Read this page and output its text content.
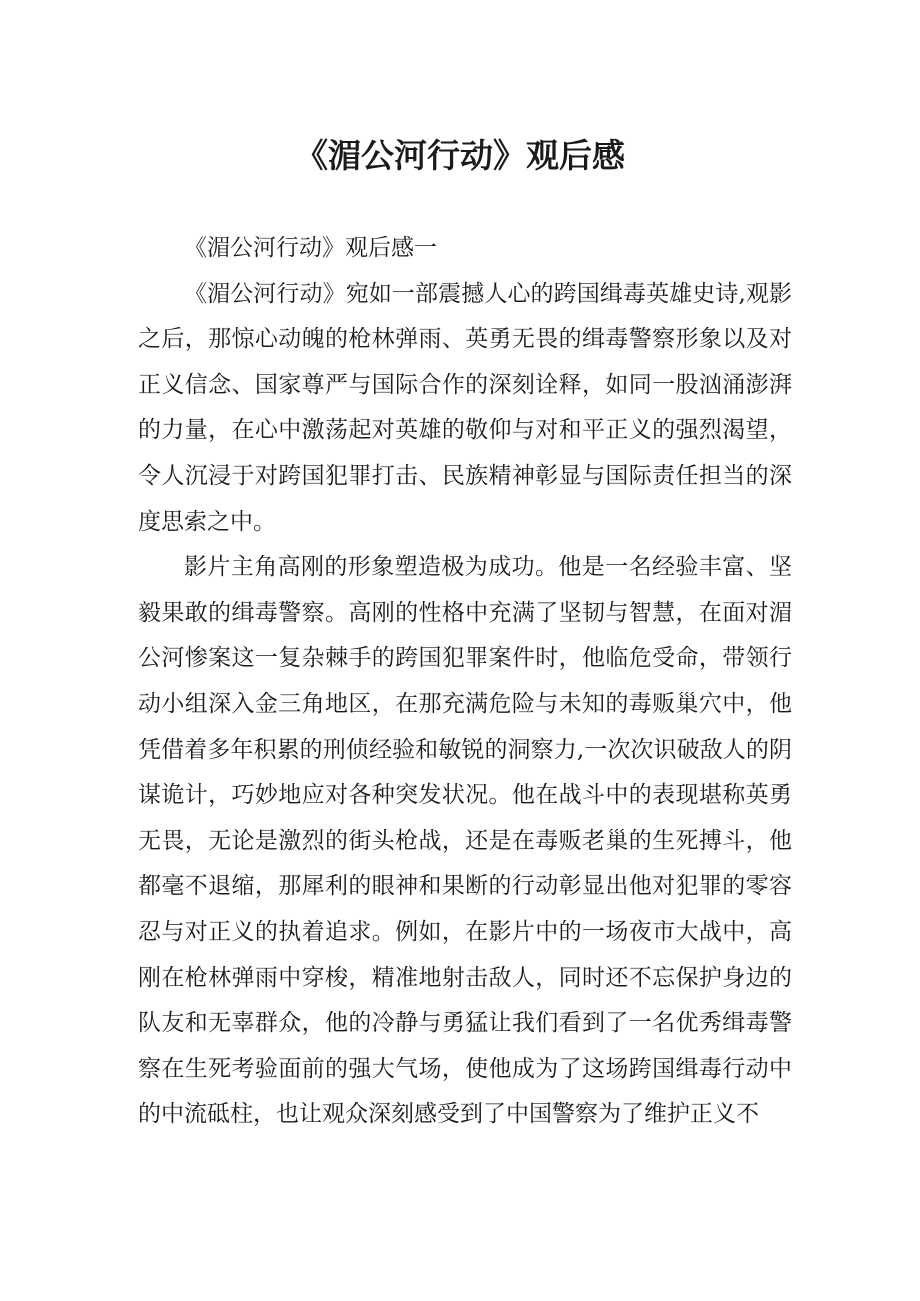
《湄公河行动》观后感

《湄公河行动》观后感一

《湄公河行动》宛如一部震撼人心的跨国缉毒英雄史诗,观影之后，那惊心动魄的枪林弹雨、英勇无畏的缉毒警察形象以及对正义信念、国家尊严与国际合作的深刻诠释，如同一股汹涌澎湃的力量，在心中激荡起对英雄的敬仰与对和平正义的强烈渴望，令人沉浸于对跨国犯罪打击、民族精神彰显与国际责任担当的深度思索之中。

影片主角高刚的形象塑造极为成功。他是一名经验丰富、坚毅果敢的缉毒警察。高刚的性格中充满了坚韧与智慧，在面对湄公河惨案这一复杂棘手的跨国犯罪案件时，他临危受命，带领行动小组深入金三角地区，在那充满危险与未知的毒贩巢穴中，他凭借着多年积累的刑侦经验和敏锐的洞察力,一次次识破敌人的阴谋诡计，巧妙地应对各种突发状况。他在战斗中的表现堪称英勇无畏，无论是激烈的街头枪战，还是在毒贩老巢的生死搏斗，他都毫不退缩，那犀利的眼神和果断的行动彰显出他对犯罪的零容忍与对正义的执着追求。例如，在影片中的一场夜市大战中，高刚在枪林弹雨中穿梭，精准地射击敌人，同时还不忘保护身边的队友和无辜群众，他的冷静与勇猛让我们看到了一名优秀缉毒警察在生死考验面前的强大气场，使他成为了这场跨国缉毒行动中的中流砥柱，也让观众深刻感受到了中国警察为了维护正义不
